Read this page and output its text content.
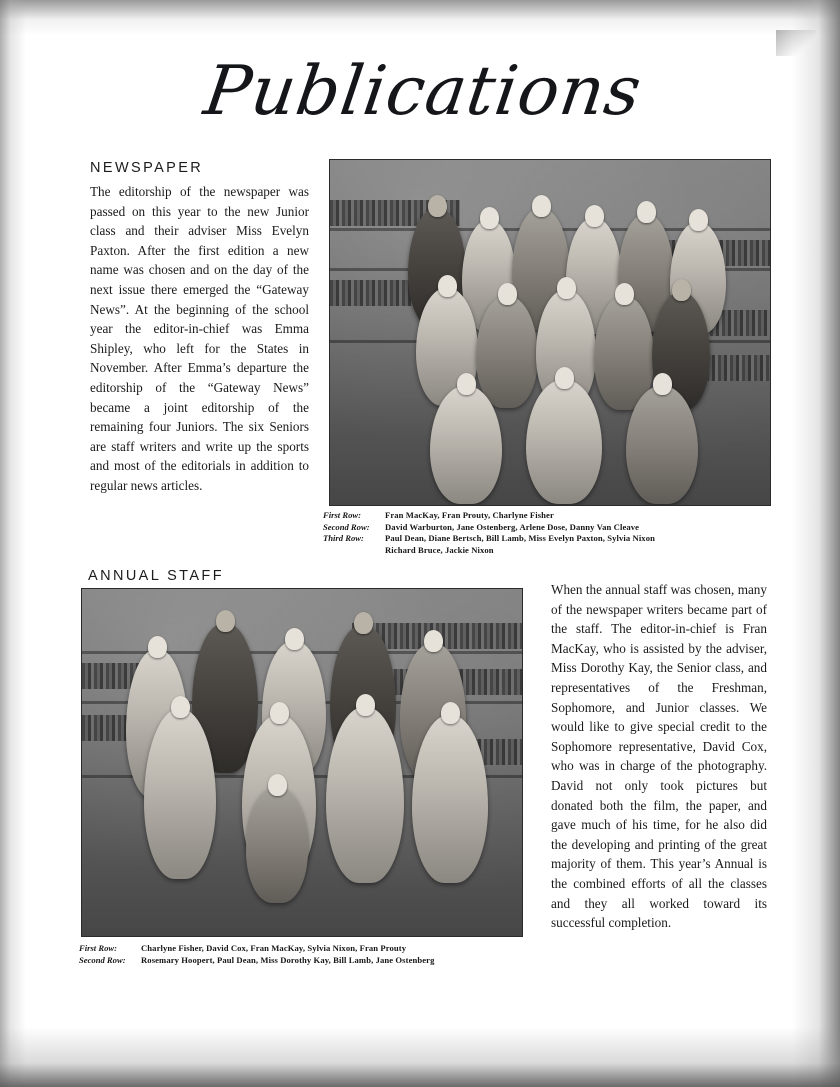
Publications
NEWSPAPER
The editorship of the newspaper was passed on this year to the new Junior class and their adviser Miss Evelyn Paxton. After the first edition a new name was chosen and on the day of the next issue there emerged the “Gateway News”. At the beginning of the school year the editor-in-chief was Emma Shipley, who left for the States in November. After Emma’s departure the editorship of the “Gateway News” became a joint editorship of the remaining four Juniors. The six Seniors are staff writers and write up the sports and most of the editorials in addition to regular news articles.
First Row:	Fran MacKay, Fran Prouty, Charlyne Fisher
Second Row:	David Warburton, Jane Ostenberg, Arlene Dose, Danny Van Cleave
Third Row:	Paul Dean, Diane Bertsch, Bill Lamb, Miss Evelyn Paxton, Sylvia Nixon
Richard Bruce, Jackie Nixon
ANNUAL STAFF
When the annual staff was chosen, many of the newspaper writers became part of the staff. The editor-in-chief is Fran MacKay, who is assisted by the adviser, Miss Dorothy Kay, the Senior class, and representatives of the Freshman, Sophomore, and Junior classes. We would like to give special credit to the Sophomore representative, David Cox, who was in charge of the photography. David not only took pictures but donated both the film, the paper, and gave much of his time, for he also did the developing and printing of the great majority of them. This year’s Annual is the combined efforts of all the classes and they all worked toward its successful completion.
First Row:	Charlyne Fisher, David Cox, Fran MacKay, Sylvia Nixon, Fran Prouty
Second Row:	Rosemary Hoopert, Paul Dean, Miss Dorothy Kay, Bill Lamb, Jane Ostenberg
